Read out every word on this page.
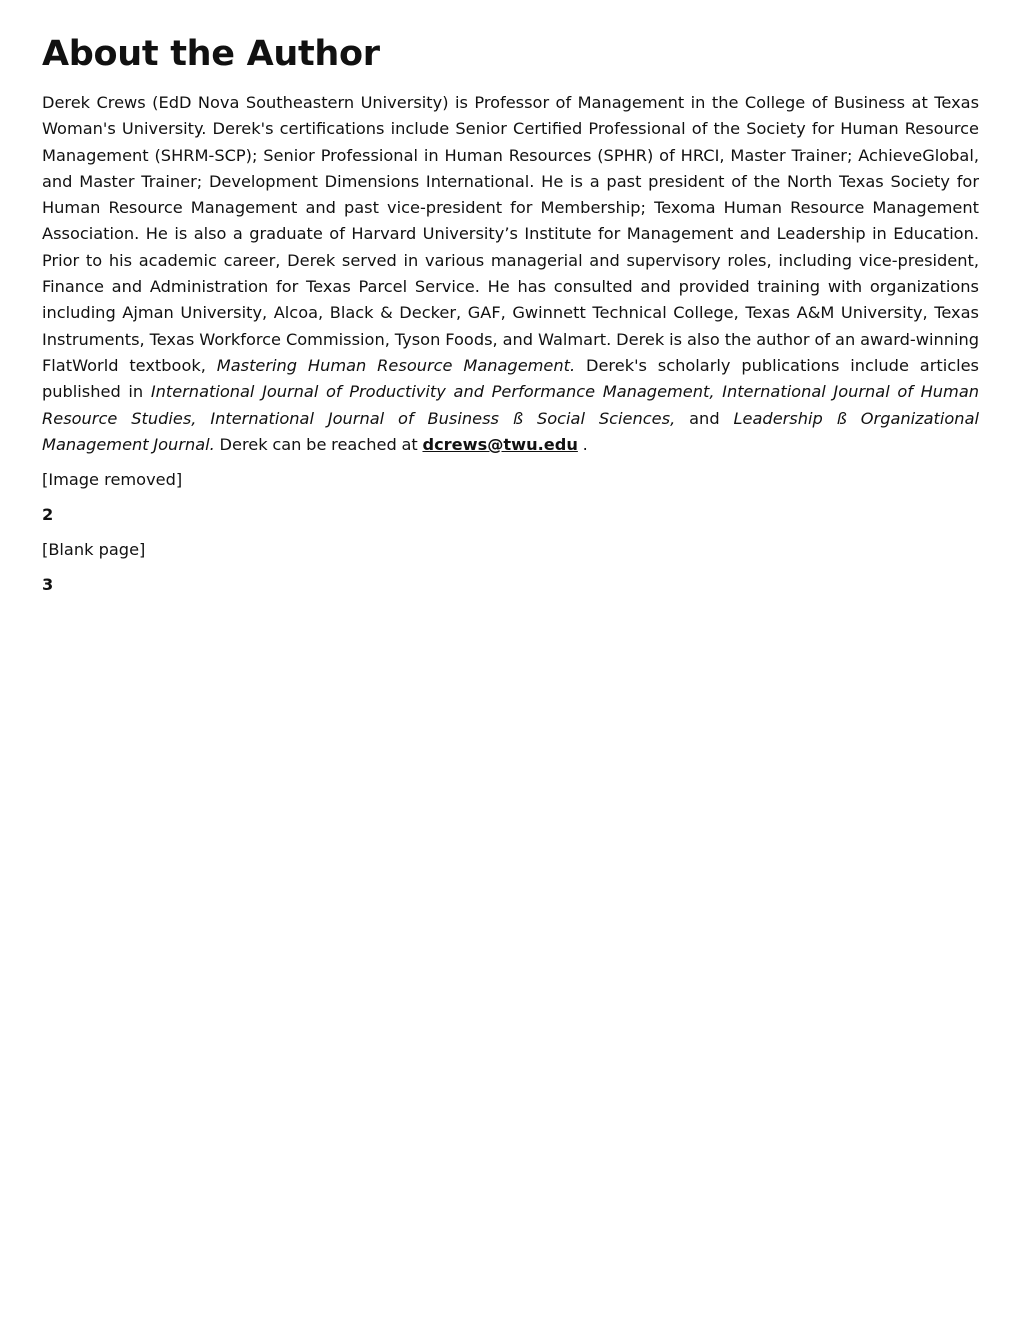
About the Author

Derek Crews (EdD Nova Southeastern University) is Professor of Management in the College of Business at Texas Woman's University. Derek's certifications include Senior Certified Professional of the Society for Human Resource Management (SHRM-SCP); Senior Professional in Human Resources (SPHR) of HRCI, Master Trainer; AchieveGlobal, and Master Trainer; Development Dimensions International. He is a past president of the North Texas Society for Human Resource Management and past vice-president for Membership; Texoma Human Resource Management Association. He is also a graduate of Harvard University’s Institute for Management and Leadership in Education. Prior to his academic career, Derek served in various managerial and supervisory roles, including vice-president, Finance and Administration for Texas Parcel Service. He has consulted and provided training with organizations including Ajman University, Alcoa, Black & Decker, GAF, Gwinnett Technical College, Texas A&M University, Texas Instruments, Texas Workforce Commission, Tyson Foods, and Walmart. Derek is also the author of an award-winning FlatWorld textbook, Mastering Human Resource Management. Derek's scholarly publications include articles published in International Journal of Productivity and Performance Management, International Journal of Human Resource Studies, International Journal of Business ß Social Sciences, and Leadership ß Organizational Management Journal. Derek can be reached at dcrews@twu.edu .

[Image removed]

2

[Blank page]

3
